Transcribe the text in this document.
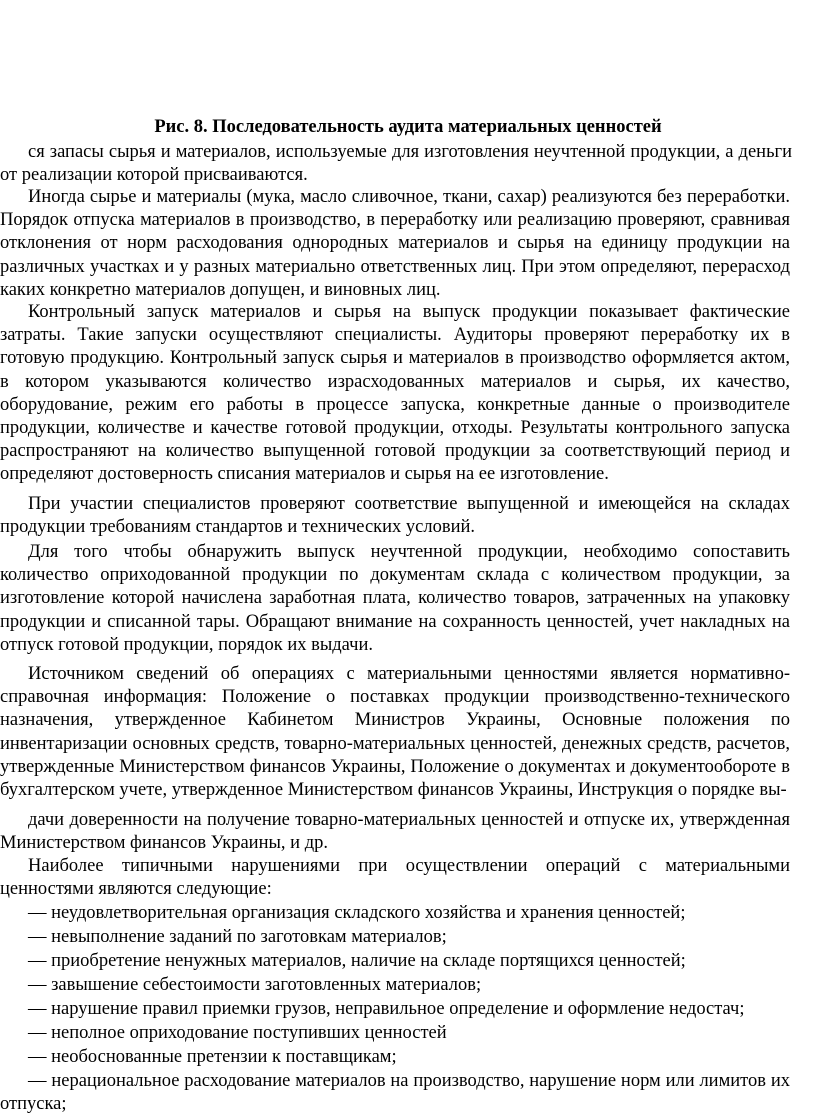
Рис. 8. Последовательность аудита материальных ценностей

ся запасы сырья и материалов, используемые для изготовления неучтенной продукции, а деньги от реализации которой присваиваются.

Иногда сырье и материалы (мука, масло сливочное, ткани, сахар) реализуются без переработки. Порядок отпуска материалов в производство, в переработку или реализацию проверяют, сравнивая отклонения от норм расходования однородных материалов и сырья на единицу продукции на различных участках и у разных материально ответственных лиц. При этом определяют, перерасход каких конкретно материалов допущен, и виновных лиц.

Контрольный запуск материалов и сырья на выпуск продукции показывает фактические затраты. Такие запуски осуществляют специалисты. Аудиторы проверяют переработку их в готовую продукцию. Контрольный запуск сырья и материалов в производство оформляется актом, в котором указываются количество израсходованных материалов и сырья, их качество, оборудование, режим его работы в процессе запуска, конкретные данные о производителе продукции, количестве и качестве готовой продукции, отходы. Результаты контрольного запуска распространяют на количество выпущенной готовой продукции за соответствующий период и определяют достоверность списания материалов и сырья на ее изготовление.

При участии специалистов проверяют соответствие выпущенной и имеющейся на складах продукции требованиям стандартов и технических условий.

Для того чтобы обнаружить выпуск неучтенной продукции, необходимо сопоставить количество оприходованной продукции по документам склада с количеством продукции, за изготовление которой начислена заработная плата, количество товаров, затраченных на упаковку продукции и списанной тары. Обращают внимание на сохранность ценностей, учет накладных на отпуск готовой продукции, порядок их выдачи.

Источником сведений об операциях с материальными ценностями является нормативно-справочная информация: Положение о поставках продукции производственно-технического назначения, утвержденное Кабинетом Министров Украины, Основные положения по инвентаризации основных средств, товарно-материальных ценностей, денежных средств, расчетов, утвержденные Министерством финансов Украины, Положение о документах и документообороте в бухгалтерском учете, утвержденное Министерством финансов Украины, Инструкция о порядке вы-

дачи доверенности на получение товарно-материальных ценностей и отпуске их, утвержденная Министерством финансов Украины, и др.

Наиболее типичными нарушениями при осуществлении операций с материальными ценностями являются следующие:

— неудовлетворительная организация складского хозяйства и хранения ценностей;

— невыполнение заданий по заготовкам материалов;

— приобретение ненужных материалов, наличие на складе портящихся ценностей;

— завышение себестоимости заготовленных материалов;

— нарушение правил приемки грузов, неправильное определение и оформление недостач;

— неполное оприходование поступивших ценностей

— необоснованные претензии к поставщикам;

— нерациональное расходование материалов на производство, нарушение норм или лимитов их отпуска;
